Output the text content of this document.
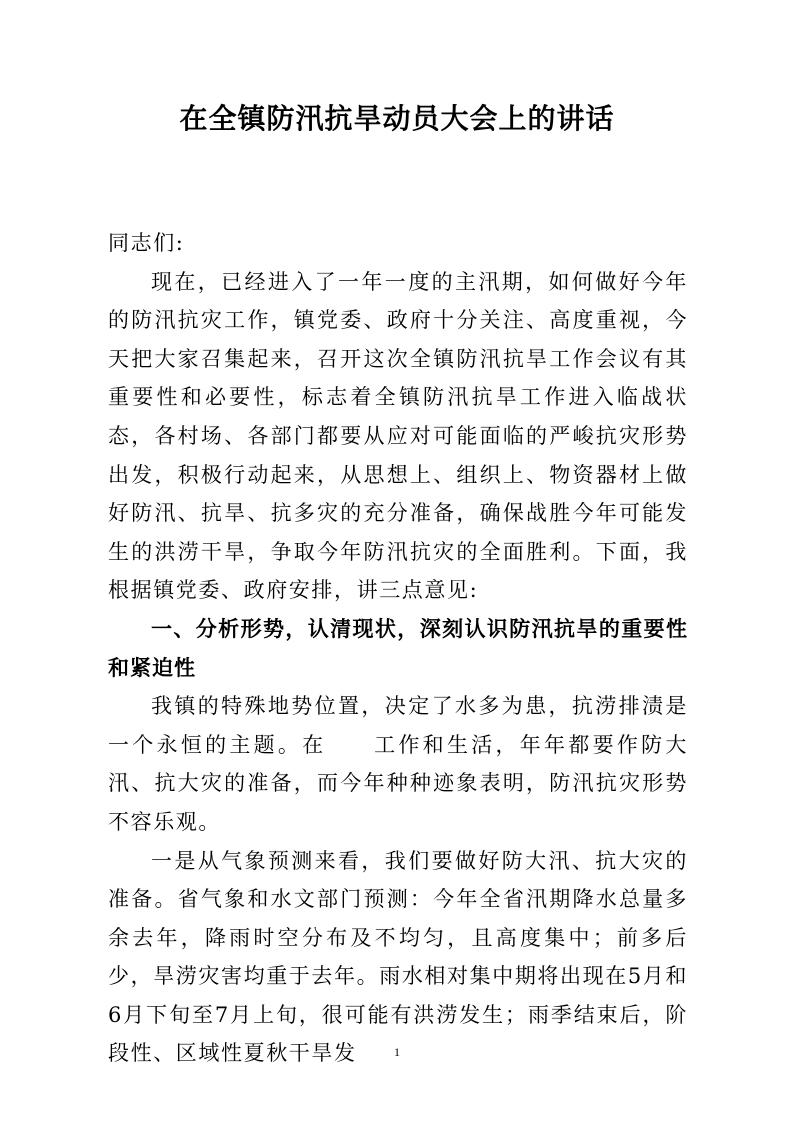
在全镇防汛抗旱动员大会上的讲话

同志们:

现在，已经进入了一年一度的主汛期，如何做好今年的防汛抗灾工作，镇党委、政府十分关注、高度重视，今天把大家召集起来，召开这次全镇防汛抗旱工作会议有其重要性和必要性，标志着全镇防汛抗旱工作进入临战状态，各村场、各部门都要从应对可能面临的严峻抗灾形势出发，积极行动起来，从思想上、组织上、物资器材上做好防汛、抗旱、抗多灾的充分准备，确保战胜今年可能发生的洪涝干旱，争取今年防汛抗灾的全面胜利。下面，我根据镇党委、政府安排，讲三点意见:

一、分析形势，认清现状，深刻认识防汛抗旱的重要性和紧迫性

我镇的特殊地势位置，决定了水多为患，抗涝排渍是一个永恒的主题。在 工作和生活，年年都要作防大汛、抗大灾的准备，而今年种种迹象表明，防汛抗灾形势不容乐观。

一是从气象预测来看，我们要做好防大汛、抗大灾的准备。省气象和水文部门预测：今年全省汛期降水总量多余去年，降雨时空分布及不均匀，且高度集中；前多后少，旱涝灾害均重于去年。雨水相对集中期将出现在5月和6月下旬至7月上旬，很可能有洪涝发生；雨季结束后，阶段性、区域性夏秋干旱发	1
